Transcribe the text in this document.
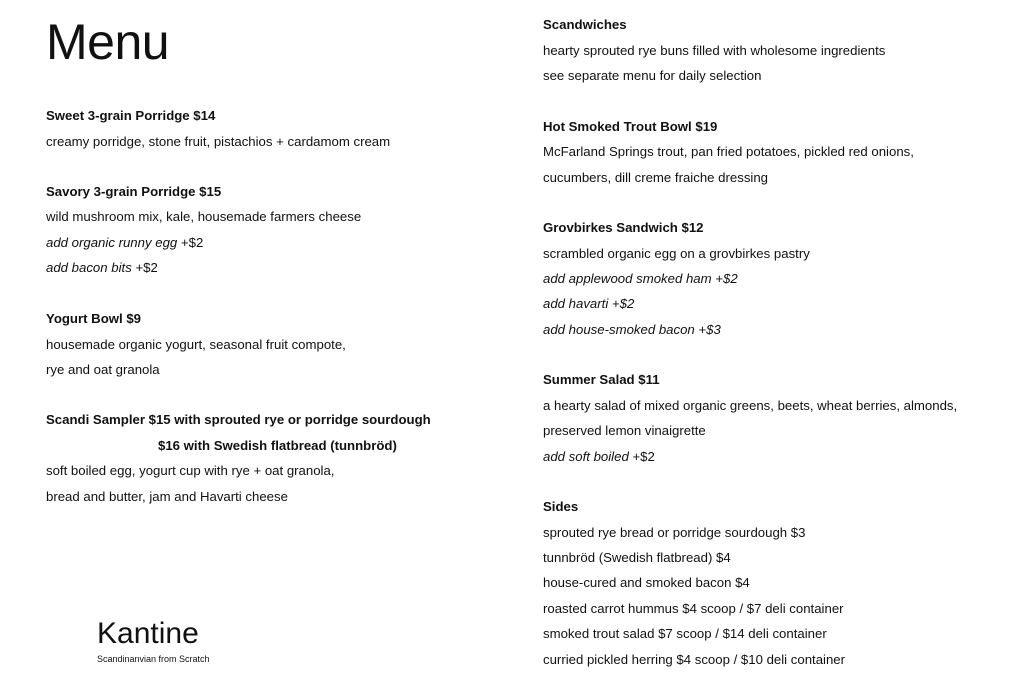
Menu
Sweet 3-grain Porridge $14
creamy porridge, stone fruit, pistachios + cardamom cream
Savory 3-grain Porridge $15
wild mushroom mix, kale, housemade farmers cheese
add organic runny egg +$2
add bacon bits +$2
Yogurt Bowl $9
housemade organic yogurt, seasonal fruit compote,
rye and oat granola
Scandi Sampler $15 with sprouted rye or porridge sourdough
$16 with Swedish flatbread (tunnbröd)
soft boiled egg, yogurt cup with rye + oat granola,
bread and butter, jam and Havarti cheese
Scandwiches
hearty sprouted rye buns filled with wholesome ingredients
see separate menu for daily selection
Hot Smoked Trout Bowl $19
McFarland Springs trout, pan fried potatoes, pickled red onions,
cucumbers, dill creme fraiche dressing
Grovbirkes Sandwich $12
scrambled organic egg on a grovbirkes pastry
add applewood smoked ham +$2
add havarti +$2
add house-smoked bacon +$3
Summer Salad $11
a hearty salad of mixed organic greens, beets, wheat berries, almonds,
preserved lemon vinaigrette
add soft boiled +$2
Sides
sprouted rye bread or porridge sourdough $3
tunnbröd (Swedish flatbread) $4
house-cured and smoked bacon $4
roasted carrot hummus $4 scoop / $7 deli container
smoked trout salad $7 scoop / $14 deli container
curried pickled herring $4 scoop / $10 deli container
Kantine
Scandinanvian from Scratch
